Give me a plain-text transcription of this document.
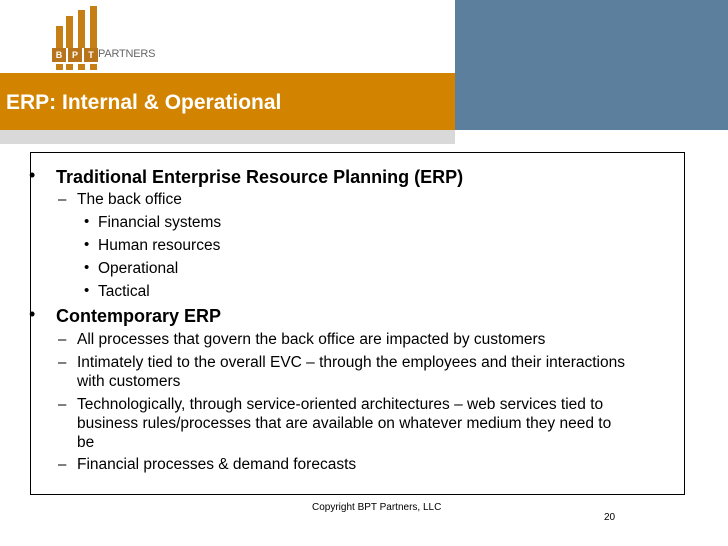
B	P	T PARTNERS
ERP: Internal & Operational
• Traditional Enterprise Resource Planning (ERP)
– The back office
• Financial systems
• Human resources
• Operational
• Tactical
• Contemporary ERP
– All processes that govern the back office are impacted by customers
– Intimately tied to the overall EVC – through the employees and their interactions
with customers
– Technologically, through service-oriented architectures – web services tied to
business rules/processes that are available on whatever medium they need to
be
– Financial processes & demand forecasts
Copyright BPT Partners, LLC
20
